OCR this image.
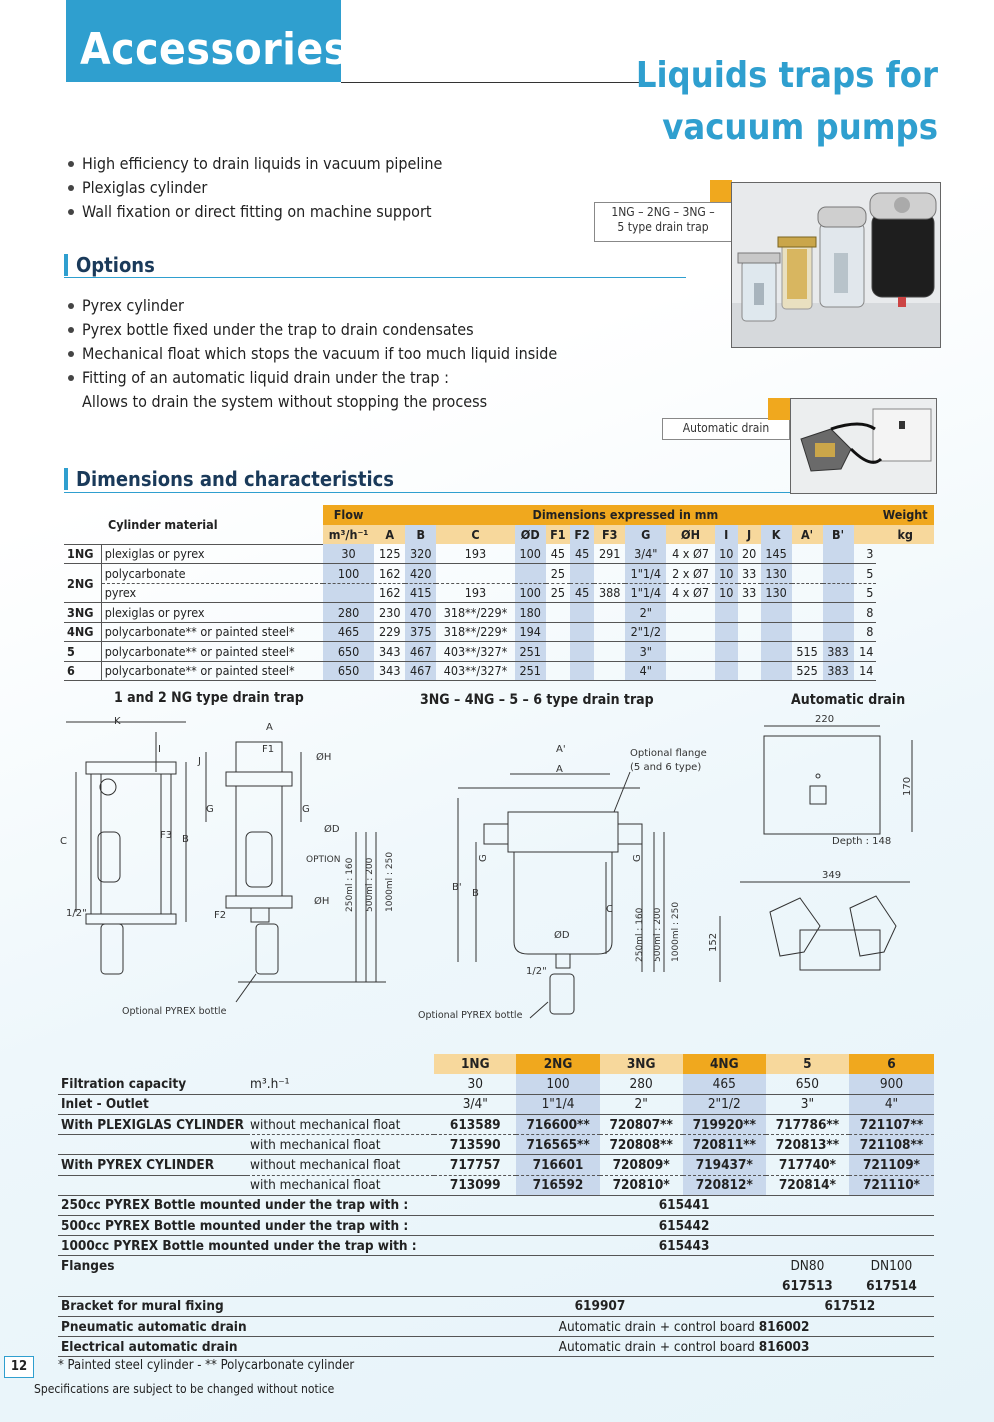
Accessories
Liquids traps for
vacuum pumps
High efficiency to drain liquids in vacuum pipeline
Plexiglas cylinder
Wall fixation or direct fitting on machine support
Options
Pyrex cylinder
Pyrex bottle fixed under the trap to drain condensates
Mechanical float which stops the vacuum if too much liquid inside
Fitting of an automatic liquid drain under the trap :
Allows to drain the system without stopping the process
1NG – 2NG – 3NG –
5 type drain trap
Automatic drain
Dimensions and characteristics
Cylinder material		Flow	Dimensions expressed in mm															Weight
		m³/h⁻¹	A	B	C	ØD	F1	F2	F3	G	ØH	I	J	K	A'	B'		kg
1NG	plexiglas or pyrex	30	125	320	193	100	45	45	291	3/4"	4 x Ø7	10	20	145			3	
2NG	polycarbonate	100	162	420			25			1"1/4	2 x Ø7	10	33	130			5	
	pyrex		162	415	193	100	25	45	388	1"1/4	4 x Ø7	10	33	130			5	
3NG	plexiglas or pyrex	280	230	470	318**/229*	180				2"							8	
4NG	polycarbonate** or painted steel*	465	229	375	318**/229*	194				2"1/2							8	
5	polycarbonate** or painted steel*	650	343	467	403**/327*	251				3"					515	383	14	
6	polycarbonate** or painted steel*	650	343	467	403**/327*	251				4"					525	383	14	
1 and 2 NG type drain trap	3NG – 4NG – 5 – 6 type drain trap	Automatic drain
K
A
I
J
F1
ØH
G	G
C
F3 B
ØD
OPTION
ØH
1/2"	F2
250ml : 160 500ml : 200 1000ml : 250
Optional PYREX bottle
A'
A
Optional flange
(5 and 6 type)
G	G
B'
B
C
ØD
1/2"
250ml : 160 500ml : 200 1000ml : 250
Optional PYREX bottle
220
170
Depth : 148
349
152
		1NG	2NG	3NG	4NG	5	6
Filtration capacity	m³.h⁻¹	30	100	280	465	650	900
Inlet - Outlet		3/4"	1"1/4	2"	2"1/2	3"	4"
With PLEXIGLAS CYLINDER	without mechanical float	613589	716600**	720807**	719920**	717786**	721107**
	with mechanical float	713590	716565**	720808**	720811**	720813**	721108**
With PYREX CYLINDER	without mechanical float	717757	716601	720809*	719437*	717740*	721109*
	with mechanical float	713099	716592	720810*	720812*	720814*	721110*
250cc PYREX Bottle mounted under the trap with :		615441					
500cc PYREX Bottle mounted under the trap with :		615442					
1000cc PYREX Bottle mounted under the trap with :		615443					
Flanges						DN80	DN100
						617513	617514
Bracket for mural fixing		619907				617512	
Pneumatic automatic drain		Automatic drain + control board 816002					
Electrical automatic drain		Automatic drain + control board 816003					
12	* Painted steel cylinder - ** Polycarbonate cylinder
Specifications are subject to be changed without notice
